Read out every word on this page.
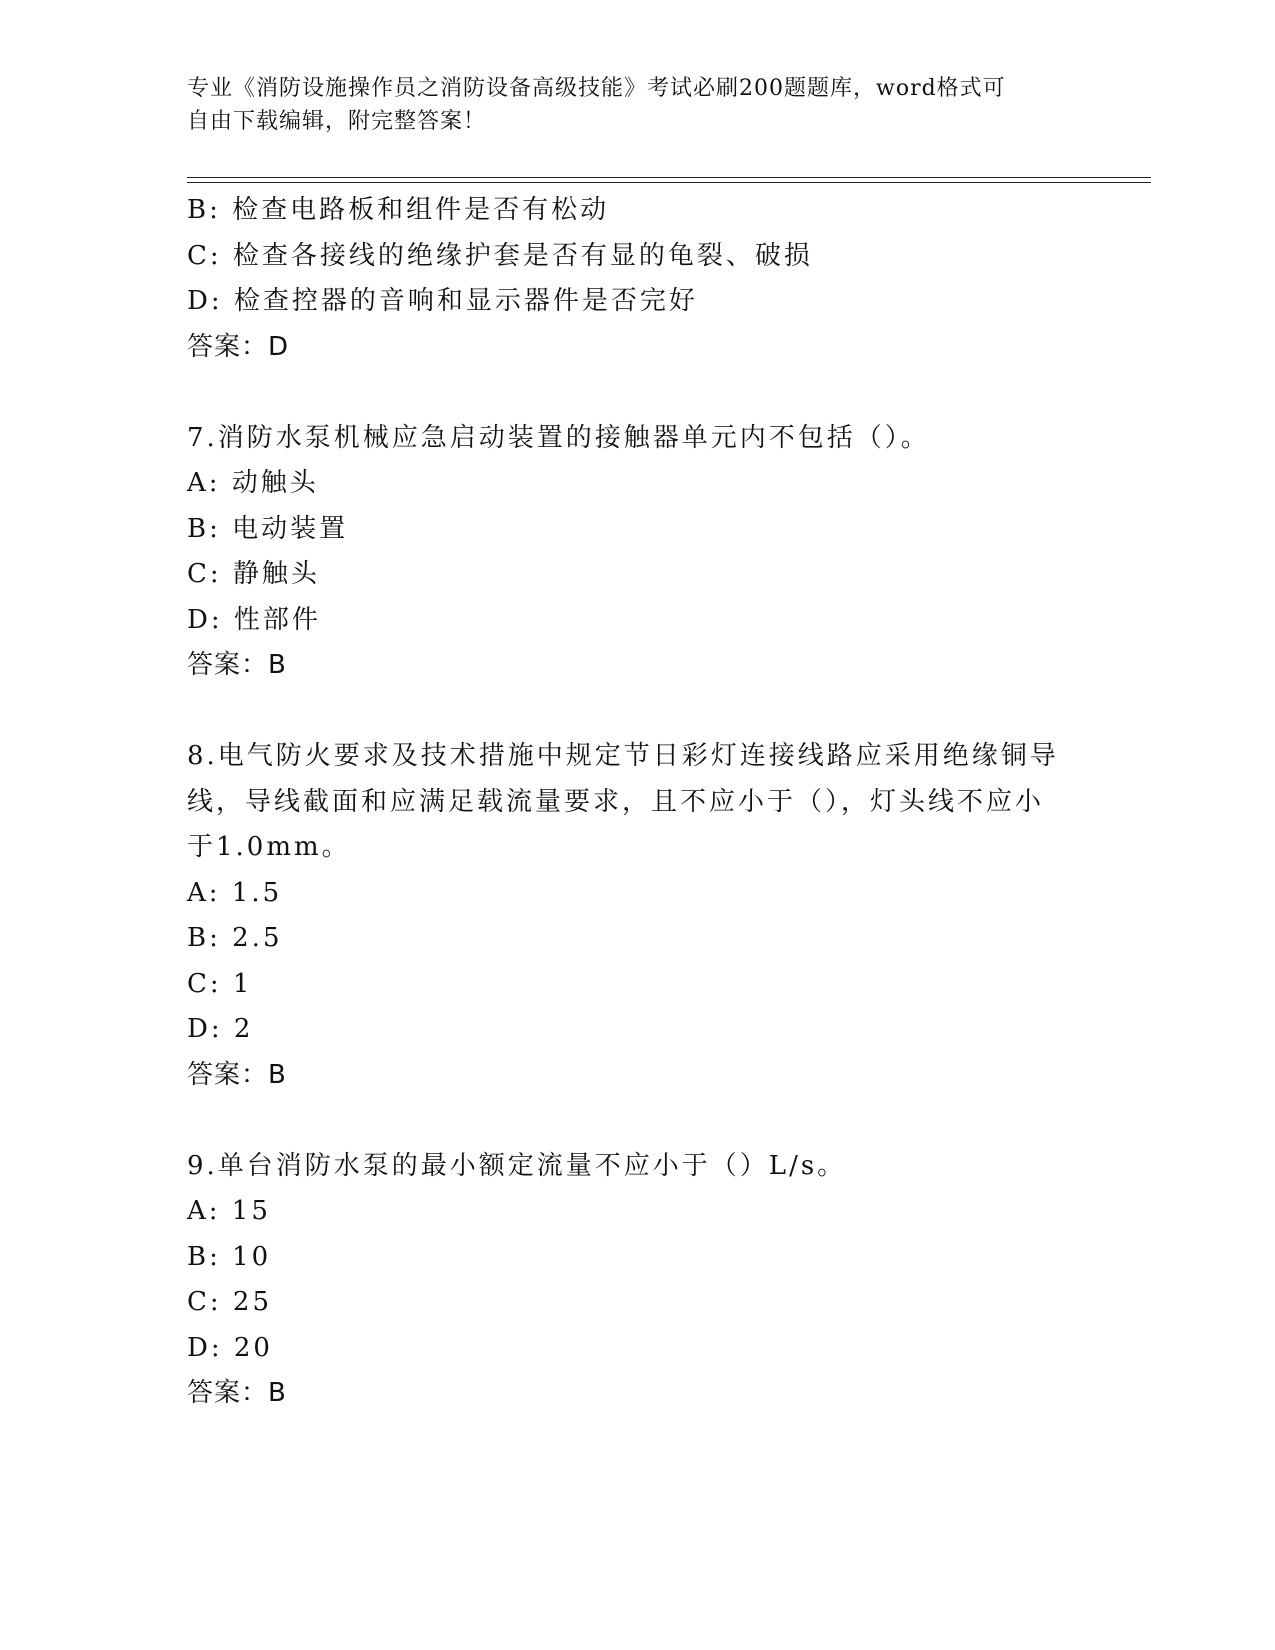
专业《消防设施操作员之消防设备高级技能》考试必刷200题题库，word格式可
自由下载编辑，附完整答案！
B: 检查电路板和组件是否有松动
C: 检查各接线的绝缘护套是否有显的龟裂、破损
D: 检查控器的音响和显示器件是否完好
答案：D
7.消防水泵机械应急启动装置的接触器单元内不包括（）。
A: 动触头
B: 电动装置
C: 静触头
D: 性部件
答案：B
8.电气防火要求及技术措施中规定节日彩灯连接线路应采用绝缘铜导
线，导线截面和应满足载流量要求，且不应小于（），灯头线不应小
于1.0mm。
A: 1.5
B: 2.5
C: 1
D: 2
答案：B
9.单台消防水泵的最小额定流量不应小于（）L/s。
A: 15
B: 10
C: 25
D: 20
答案：B
